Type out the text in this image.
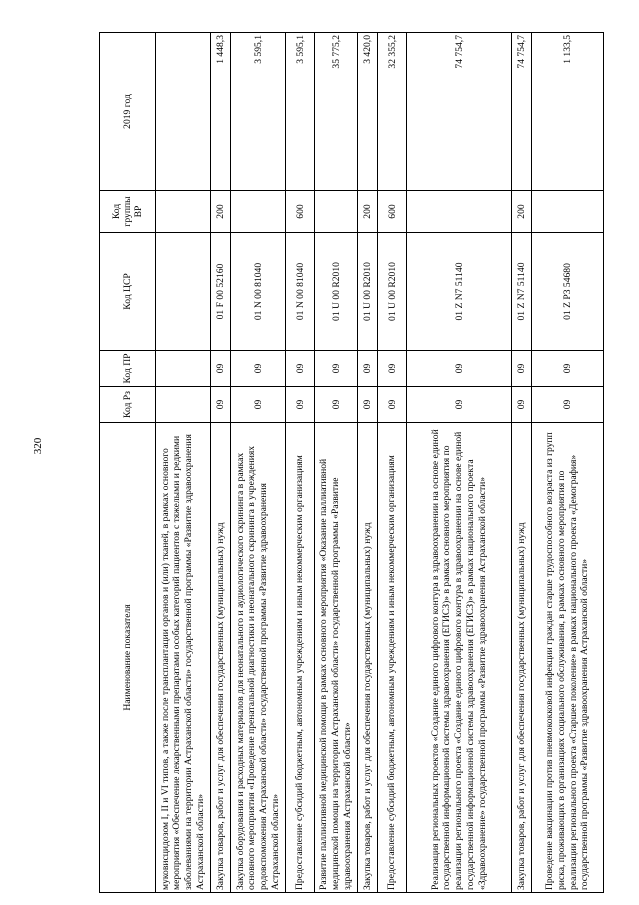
320
Наименование показателя	Код Рз	Код ПР	Код ЦСР	Код группы ВР	2019 год
муковисцидозом I, II и VI типов, а также после трансплантации органов и (или) тканей, в рамках основного мероприятия «Обеспечение лекарственными препаратами особых категорий пациентов с тяжелыми и редкими заболеваниями на территории Астраханской области» государственной программы «Развитие здравоохранения Астраханской области»					
Закупка товаров, работ и услуг для обеспечения государственных (муниципальных) нужд	09	09	01 F 00 52160	200	1 448,3
Закупка оборудования и расходных материалов для неонатального и аудиологического скрининга в рамках основного мероприятия «Проведение пренатальной диагностики и неонатального скрининга в учреждениях родовспоможения Астраханской области» государственной программы «Развитие здравоохранения Астраханской области»	09	09	01 N 00 81040		3 595,1
Предоставление субсидий бюджетным, автономным учреждениям и иным некоммерческим организациям	09	09	01 N 00 81040	600	3 595,1
Развитие паллиативной медицинской помощи в рамках основного мероприятия «Оказание паллиативной медицинской помощи на территории Астраханской области» государственной программы «Развитие здравоохранения Астраханской области»	09	09	01 U 00 R2010		35 775,2
Закупка товаров, работ и услуг для обеспечения государственных (муниципальных) нужд	09	09	01 U 00 R2010	200	3 420,0
Предоставление субсидий бюджетным, автономным учреждениям и иным некоммерческим организациям	09	09	01 U 00 R2010	600	32 355,2
Реализация региональных проектов «Создание единого цифрового контура в здравоохранении на основе единой государственной информационной системы здравоохранения (ЕГИСЗ)» в рамках основного мероприятия по реализации регионального проекта «Создание единого цифрового контура в здравоохранении на основе единой государственной информационной системы здравоохранения (ЕГИСЗ)» в рамках национального проекта «Здравоохранение» государственной программы «Развитие здравоохранения Астраханской области»	09	09	01 Z N7 51140		74 754,7
Закупка товаров, работ и услуг для обеспечения государственных (муниципальных) нужд	09	09	01 Z N7 51140	200	74 754,7
Проведение вакцинации против пневмококковой инфекции граждан старше трудоспособного возраста из групп риска, проживающих в организациях социального обслуживания, в рамках основного мероприятия по реализации регионального проекта «Старшее поколение» в рамках национального проекта «Демография» государственной программы «Развитие здравоохранения Астраханской области»	09	09	01 Z P3 54680		1 133,5
